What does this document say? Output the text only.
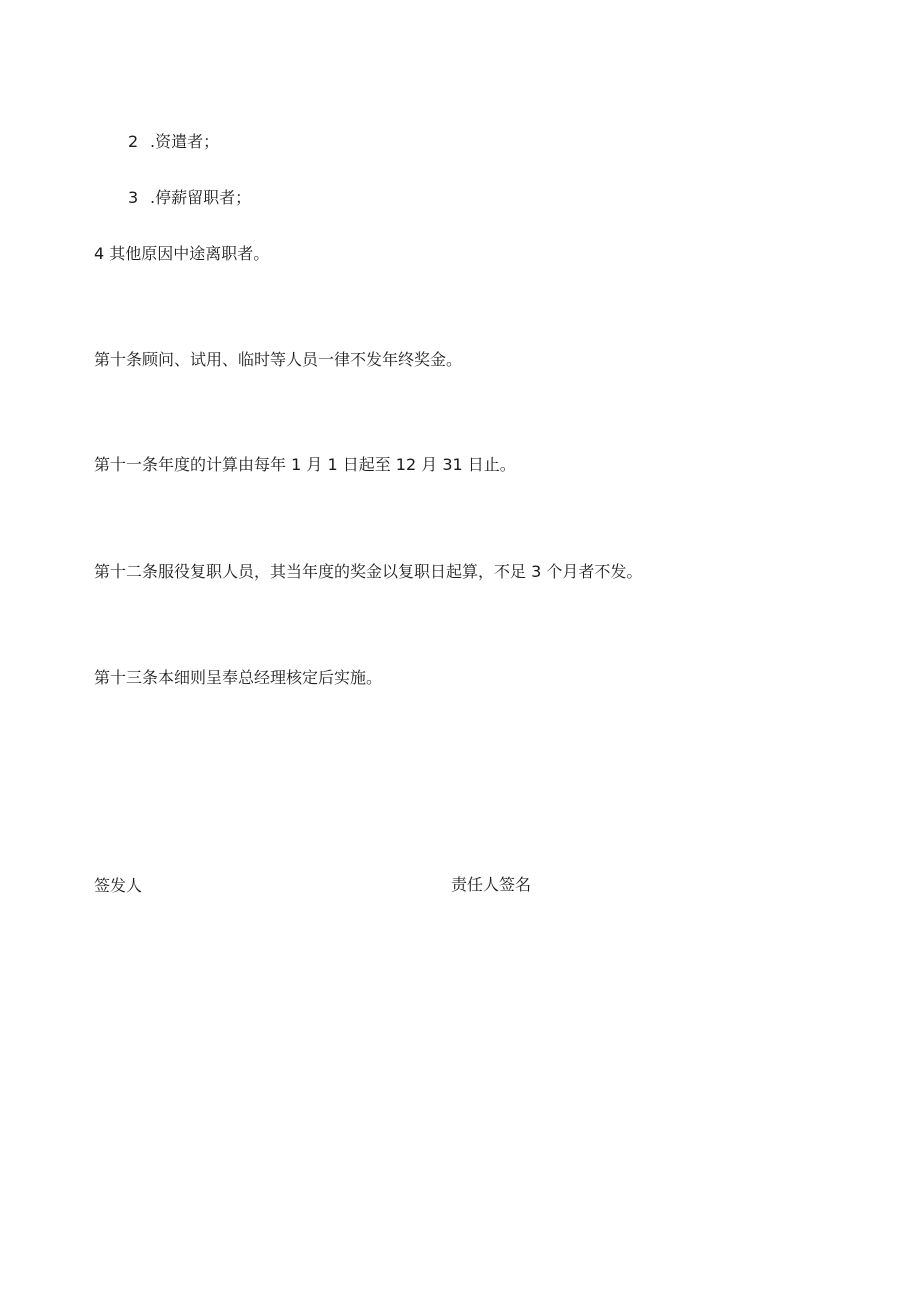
2 .资遣者；
3 .停薪留职者；
4 其他原因中途离职者。
第十条顾问、试用、临时等人员一律不发年终奖金。
第十一条年度的计算由每年 1 月 1 日起至 12 月 31 日止。
第十二条服役复职人员，其当年度的奖金以复职日起算，不足 3 个月者不发。
第十三条本细则呈奉总经理核定后实施。
签发人	责任人签名
